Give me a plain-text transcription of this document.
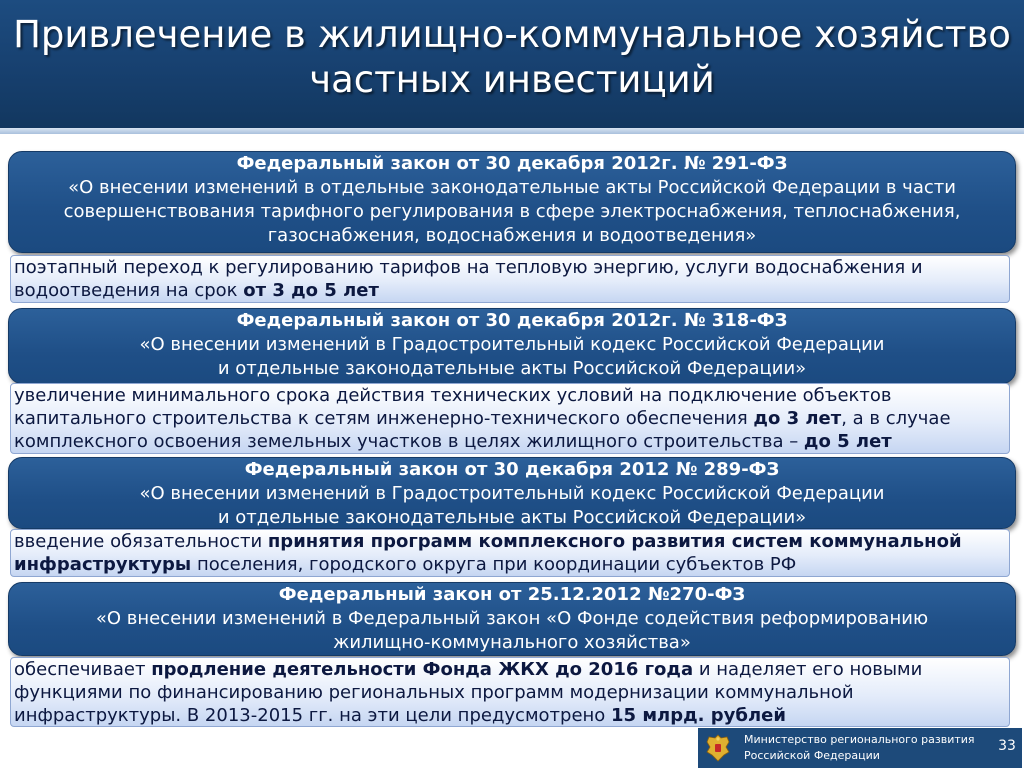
Привлечение в жилищно-коммунальное хозяйство
частных инвестиций
Федеральный закон от 30 декабря 2012г. № 291-ФЗ
«О внесении изменений в отдельные законодательные акты Российской Федерации в части
совершенствования тарифного регулирования в сфере электроснабжения, теплоснабжения,
газоснабжения, водоснабжения и водоотведения»
поэтапный переход к регулированию тарифов на тепловую энергию, услуги водоснабжения и
водоотведения на срок от 3 до 5 лет
Федеральный закон от 30 декабря 2012г. № 318-ФЗ
«О внесении изменений в Градостроительный кодекс Российской Федерации
и отдельные законодательные акты Российской Федерации»
увеличение минимального срока действия технических условий на подключение объектов
капитального строительства к сетям инженерно-технического обеспечения до 3 лет, а в случае
комплексного освоения земельных участков в целях жилищного строительства – до 5 лет
Федеральный закон от 30 декабря 2012 № 289-ФЗ
«О внесении изменений в Градостроительный кодекс Российской Федерации
и отдельные законодательные акты Российской Федерации»
введение обязательности принятия программ комплексного развития систем коммунальной
инфраструктуры поселения, городского округа при координации субъектов РФ
Федеральный закон от 25.12.2012 №270-ФЗ
«О внесении изменений в Федеральный закон «О Фонде содействия реформированию
жилищно-коммунального хозяйства»
обеспечивает продление деятельности Фонда ЖКХ до 2016 года и наделяет его новыми
функциями по финансированию региональных программ модернизации коммунальной
инфраструктуры. В 2013-2015 гг. на эти цели предусмотрено 15 млрд. рублей
Министерство регионального развития
Российской Федерации
33
